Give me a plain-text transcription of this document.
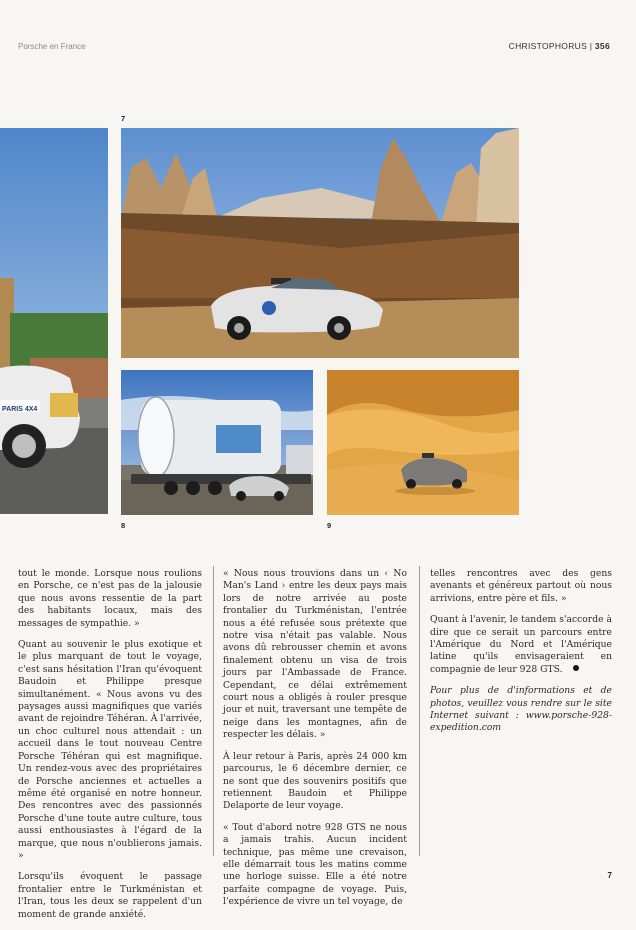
Porsche en France	CHRISTOPHORUS | 356
7
PARIS 4X4
8	9

tout le monde. Lorsque nous roulions en Porsche, ce n'est pas de la jalousie que nous avons ressentie de la part des habitants locaux, mais des messages de sympathie. »

Quant au souvenir le plus exotique et le plus marquant de tout le voyage, c'est sans hésitation l'Iran qu'évoquent Baudoin et Philippe presque simultanément. « Nous avons vu des paysages aussi magnifiques que variés avant de rejoindre Téhéran. À l'arrivée, un choc culturel nous attendait : un accueil dans le tout nouveau Centre Porsche Téhéran qui est magnifique. Un rendez-vous avec des propriétaires de Porsche anciennes et actuelles a même été organisé en notre honneur. Des rencontres avec des passionnés Porsche d'une toute autre culture, tous aussi enthousiastes à l'égard de la marque, que nous n'oublierons jamais. »

Lorsqu'ils évoquent le passage frontalier entre le Turkménistan et l'Iran, tous les deux se rappelent d'un moment de grande anxiété.

« Nous nous trouvions dans un ‹ No Man's Land › entre les deux pays mais lors de notre arrivée au poste frontalier du Turkménistan, l'entrée nous a été refusée sous prétexte que notre visa n'était pas valable. Nous avons dû rebrousser chemin et avons finalement obtenu un visa de trois jours par l'Ambassade de France. Cependant, ce délai extrêmement court nous a obligés à rouler presque jour et nuit, traversant une tempête de neige dans les montagnes, afin de respecter les délais. »

À leur retour à Paris, après 24 000 km parcourus, le 6 décembre dernier, ce ne sont que des souvenirs positifs que retiennent Baudoin et Philippe Delaporte de leur voyage.

« Tout d'abord notre 928 GTS ne nous a jamais trahis. Aucun incident technique, pas même une crevaison, elle démarrait tous les matins comme une horloge suisse. Elle a été notre parfaite compagne de voyage. Puis, l'expérience de vivre un tel voyage, de

telles rencontres avec des gens avenants et généreux partout où nous arrivions, entre père et fils. »

Quant à l'avenir, le tandem s'accorde à dire que ce serait un parcours entre l'Amérique du Nord et l'Amérique latine qu'ils envisageraient en compagnie de leur 928 GTS.

Pour plus de d'informations et de photos, veuillez vous rendre sur le site Internet suivant : www.porsche-928-expedition.com

7
